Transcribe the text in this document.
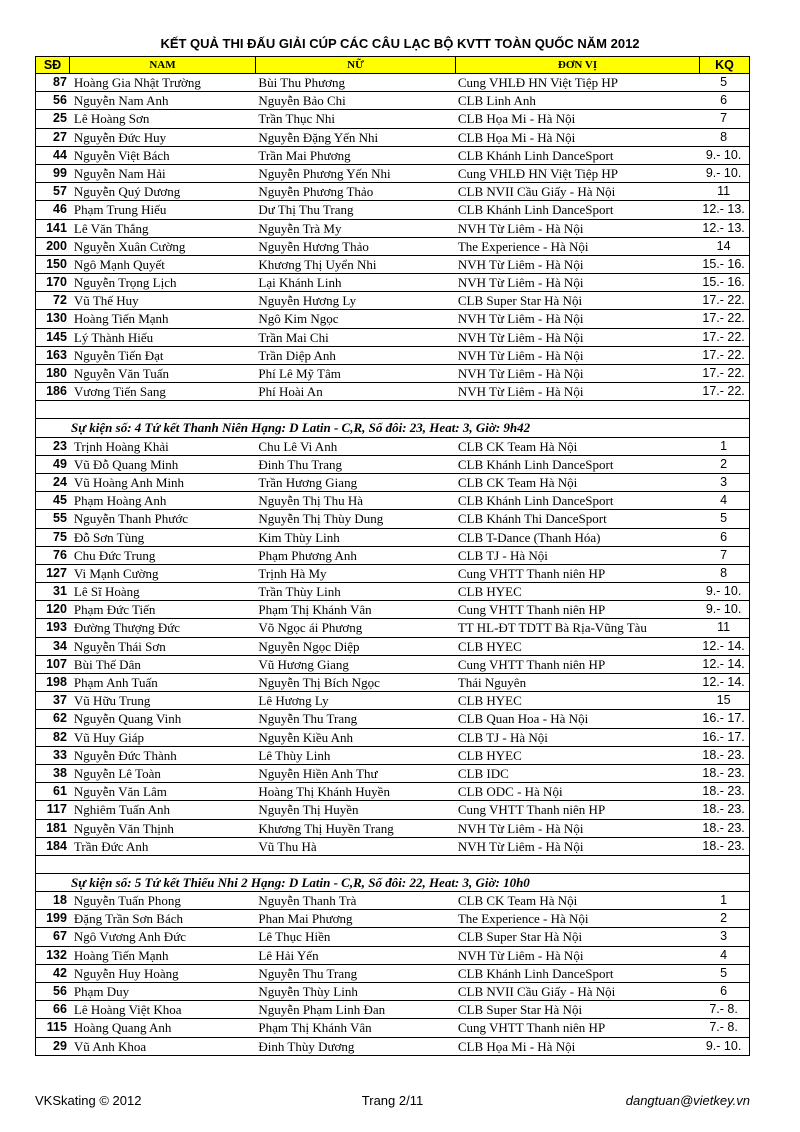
KẾT QUẢ THI ĐẤU GIẢI CÚP CÁC CÂU LẠC BỘ KVTT TOÀN QUỐC NĂM 2012
SĐ	NAM	NỮ	ĐƠN VỊ	KQ
87 Hoàng Gia Nhật Trường	Bùi Thu Phương	Cung VHLĐ HN Việt Tiệp HP	5
56 Nguyễn Nam Anh	Nguyễn Bảo Chi	CLB Linh Anh	6
25 Lê Hoàng Sơn	Trần Thục Nhi	CLB Họa Mi - Hà Nội	7
27 Nguyễn Đức Huy	Nguyễn Đặng Yến Nhi	CLB Họa Mi - Hà Nội	8
44 Nguyễn Việt Bách	Trần Mai Phương	CLB Khánh Linh DanceSport	9.- 10.
99 Nguyễn Nam Hải	Nguyễn Phương Yến Nhi	Cung VHLĐ HN Việt Tiệp HP	9.- 10.
57 Nguyễn Quý Dương	Nguyễn Phương Thảo	CLB NVII Cầu Giấy - Hà Nội	11
46 Phạm Trung Hiếu	Dư Thị Thu Trang	CLB Khánh Linh DanceSport	12.- 13.
141 Lê Văn Thắng	Nguyễn Trà My	NVH Từ Liêm - Hà Nội	12.- 13.
200 Nguyễn Xuân Cường	Nguyễn Hương Thảo	The Experience - Hà Nội	14
150 Ngô Mạnh Quyết	Khương Thị Uyển Nhi	NVH Từ Liêm - Hà Nội	15.- 16.
170 Nguyễn Trọng Lịch	Lại Khánh Linh	NVH Từ Liêm - Hà Nội	15.- 16.
72 Vũ Thế Huy	Nguyễn Hương Ly	CLB Super Star Hà Nội	17.- 22.
130 Hoàng Tiến Mạnh	Ngô Kim Ngọc	NVH Từ Liêm - Hà Nội	17.- 22.
145 Lý Thành Hiếu	Trần Mai Chi	NVH Từ Liêm - Hà Nội	17.- 22.
163 Nguyễn Tiến Đạt	Trần Diệp Anh	NVH Từ Liêm - Hà Nội	17.- 22.
180 Nguyễn Văn Tuấn	Phí Lê Mỹ Tâm	NVH Từ Liêm - Hà Nội	17.- 22.
186 Vương Tiến Sang	Phí Hoài An	NVH Từ Liêm - Hà Nội	17.- 22.
Sự kiện số: 4 Tứ kết Thanh Niên Hạng: D Latin - C,R, Số đôi: 23, Heat: 3, Giờ: 9h42
23 Trịnh Hoàng Khải	Chu Lê Vi Anh	CLB CK Team Hà Nội	1
49 Vũ Đỗ Quang Minh	Đinh Thu Trang	CLB Khánh Linh DanceSport	2
24 Vũ Hoàng Anh Minh	Trần Hương Giang	CLB CK Team Hà Nội	3
45 Phạm Hoàng Anh	Nguyễn Thị Thu Hà	CLB Khánh Linh DanceSport	4
55 Nguyễn Thanh Phước	Nguyễn Thị Thùy Dung	CLB Khánh Thi DanceSport	5
75 Đỗ Sơn Tùng	Kim Thùy Linh	CLB T-Dance (Thanh Hóa)	6
76 Chu Đức Trung	Phạm Phương Anh	CLB TJ - Hà Nội	7
127 Vi Mạnh Cường	Trịnh Hà My	Cung VHTT Thanh niên HP	8
31 Lê Sĩ Hoàng	Trần Thùy Linh	CLB HYEC	9.- 10.
120 Phạm Đức Tiến	Phạm Thị Khánh Vân	Cung VHTT Thanh niên HP	9.- 10.
193 Đường Thượng Đức	Võ Ngọc ái Phương	TT HL-ĐT TDTT Bà Rịa-Vũng Tàu	11
34 Nguyễn Thái Sơn	Nguyễn Ngọc Diệp	CLB HYEC	12.- 14.
107 Bùi Thế Dân	Vũ Hương Giang	Cung VHTT Thanh niên HP	12.- 14.
198 Phạm Anh Tuấn	Nguyễn Thị Bích Ngọc	Thái Nguyên	12.- 14.
37 Vũ Hữu Trung	Lê Hương Ly	CLB HYEC	15
62 Nguyễn Quang Vinh	Nguyễn Thu Trang	CLB Quan Hoa - Hà Nội	16.- 17.
82 Vũ Huy Giáp	Nguyễn Kiều Anh	CLB TJ - Hà Nội	16.- 17.
33 Nguyễn Đức Thành	Lê Thùy Linh	CLB HYEC	18.- 23.
38 Nguyễn Lê Toàn	Nguyễn Hiền Anh Thư	CLB IDC	18.- 23.
61 Nguyễn Văn Lâm	Hoàng Thị Khánh Huyền	CLB ODC - Hà Nội	18.- 23.
117 Nghiêm Tuấn Anh	Nguyễn Thị Huyền	Cung VHTT Thanh niên HP	18.- 23.
181 Nguyễn Văn Thịnh	Khương Thị Huyền Trang	NVH Từ Liêm - Hà Nội	18.- 23.
184 Trần Đức Anh	Vũ Thu Hà	NVH Từ Liêm - Hà Nội	18.- 23.
Sự kiện số: 5 Tứ kết Thiếu Nhi 2 Hạng: D Latin - C,R, Số đôi: 22, Heat: 3, Giờ: 10h0
18 Nguyễn Tuấn Phong	Nguyễn Thanh Trà	CLB CK Team Hà Nội	1
199 Đặng Trần Sơn Bách	Phan Mai Phương	The Experience - Hà Nội	2
67 Ngô Vương Anh Đức	Lê Thục Hiền	CLB Super Star Hà Nội	3
132 Hoàng Tiến Mạnh	Lê Hải Yến	NVH Từ Liêm - Hà Nội	4
42 Nguyễn Huy Hoàng	Nguyễn Thu Trang	CLB Khánh Linh DanceSport	5
56 Phạm Duy	Nguyễn Thùy Linh	CLB NVII Cầu Giấy - Hà Nội	6
66 Lê Hoàng Việt Khoa	Nguyễn Phạm Linh Đan	CLB Super Star Hà Nội	7.- 8.
115 Hoàng Quang Anh	Phạm Thị Khánh Vân	Cung VHTT Thanh niên HP	7.- 8.
29 Vũ Anh Khoa	Đinh Thùy Dương	CLB Họa Mi - Hà Nội	9.- 10.
VKSkating © 2012	Trang 2/11	dangtuan@vietkey.vn
